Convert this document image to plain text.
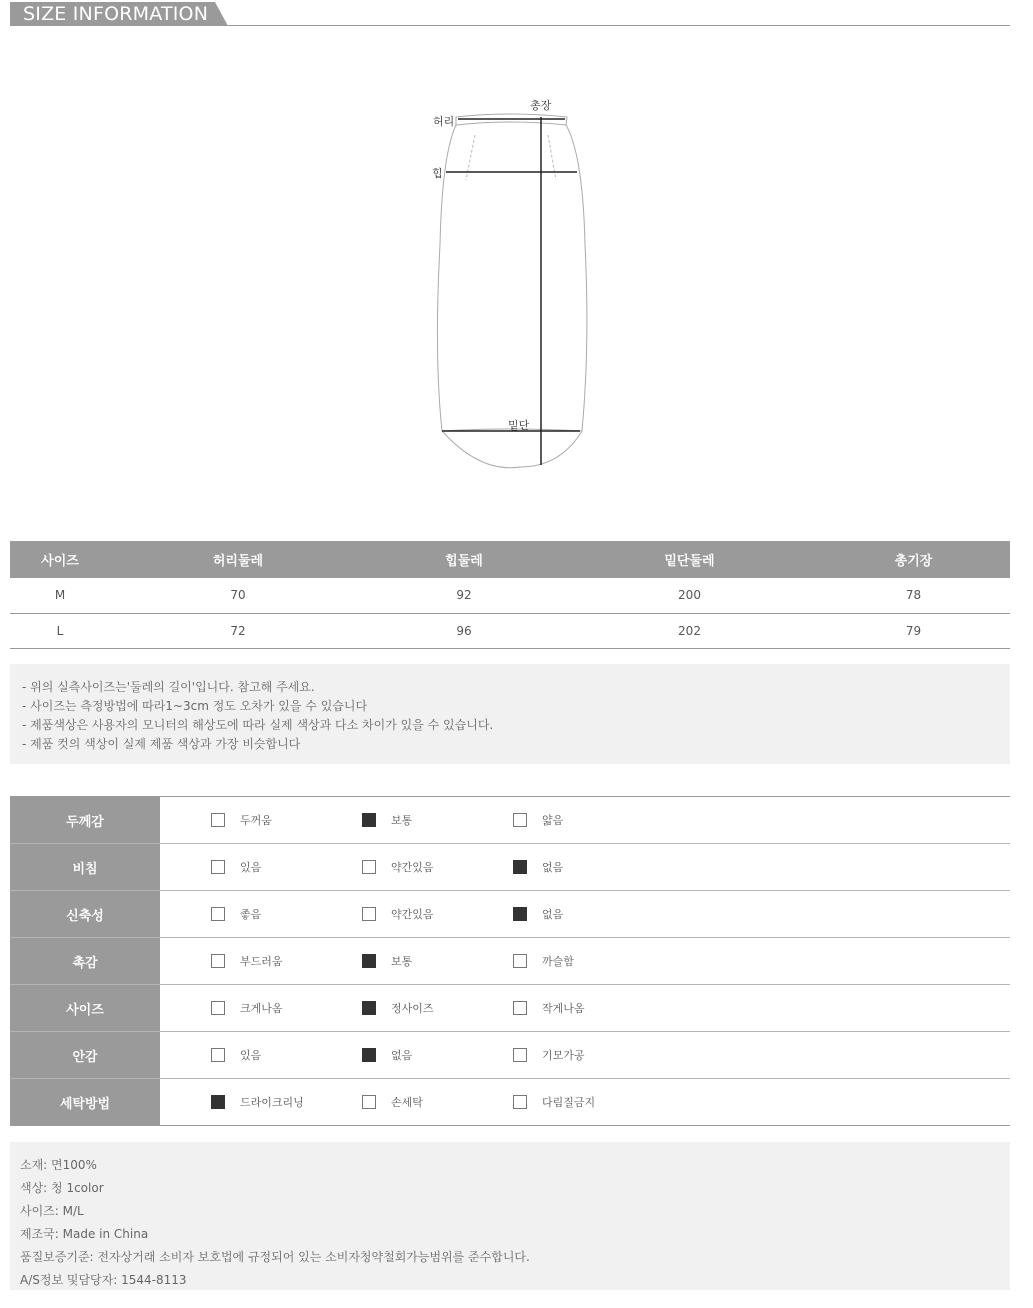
SIZE INFORMATION
총장
허리
힙
밑단
사이즈	허리둘레	힙둘레	밑단둘레	총기장
M	70	92	200	78
L	72	96	202	79

- 위의 실측사이즈는'둘레의 길이'입니다. 참고해 주세요.

- 사이즈는 측정방법에 따라1~3cm 정도 오차가 있을 수 있습니다

- 제품색상은 사용자의 모니터의 해상도에 따라 실제 색상과 다소 차이가 있을 수 있습니다.

- 제품 컷의 색상이 실제 제품 색상과 가장 비슷합니다

두께감	두꺼움	보통	얇음
비침	있음	약간있음	없음
신축성	좋음	약간있음	없음
촉감	부드러움	보통	까슬함
사이즈	크게나옴	정사이즈	작게나옴
안감	있음	없음	기모가공
세탁방법	드라이크리닝	손세탁	다림질금지

소재: 면100%

색상: 청 1color

사이즈: M/L

제조국: Made in China

품질보증기준: 전자상거래 소비자 보호법에 규정되어 있는 소비자청약철회가능범위를 준수합니다.

A/S정보 및담당자: 1544-8113
